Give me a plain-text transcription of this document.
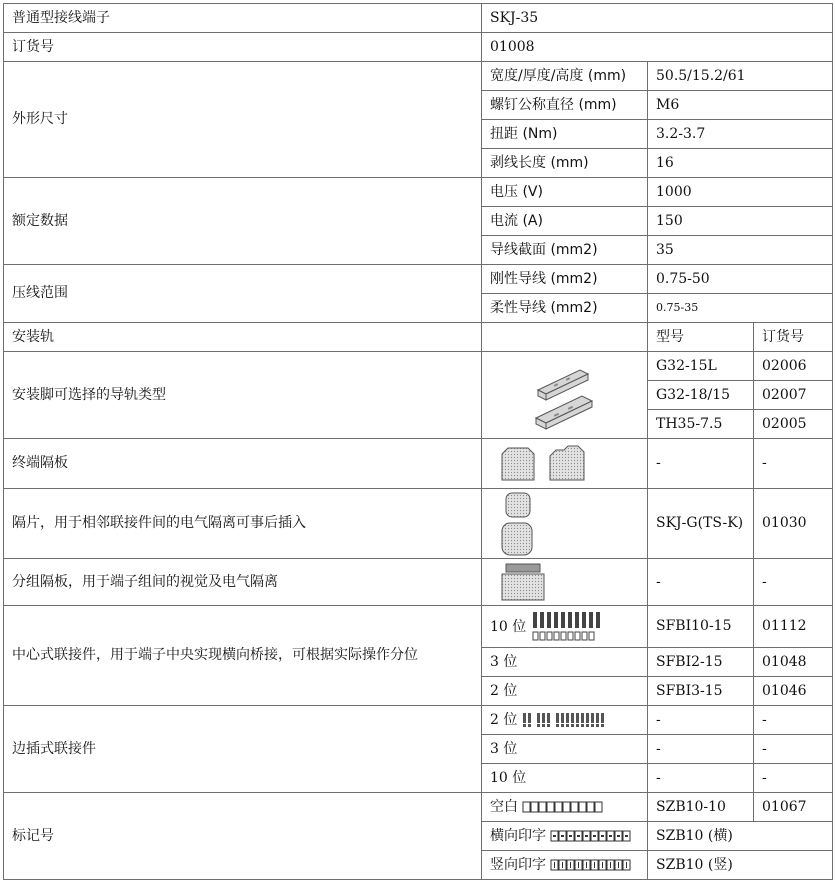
普通型接线端子	SKJ-35		
订货号	01008		
外形尺寸	宽度/厚度/高度 (mm)	50.5/15.2/61	
	螺钉公称直径 (mm)	M6	
	扭距 (Nm)	3.2-3.7	
	剥线长度 (mm)	16	
额定数据	电压 (V)	1000	
	电流 (A)	150	
	导线截面 (mm2)	35	
压线范围	刚性导线 (mm2)	0.75-50	
	柔性导线 (mm2)	0.75-35	
安装轨		型号	订货号
安装脚可选择的导轨类型		G32-15L	02006
		G32-18/15	02007
		TH35-7.5	02005
终端隔板		-	-
隔片，用于相邻联接件间的电气隔离可事后插入		SKJ-G(TS-K)	01030
分组隔板，用于端子组间的视觉及电气隔离		-	-
中心式联接件，用于端子中央实现横向桥接，可根据实际操作分位	10 位	SFBI10-15	01112
	3 位	SFBI2-15	01048
	2 位	SFBI3-15	01046
边插式联接件	2 位	-	-
	3 位	-	-
	10 位	-	-
标记号	空白	SZB10-10	01067
	横向印字	SZB10 (横)	
	竖向印字	SZB10 (竖)	
